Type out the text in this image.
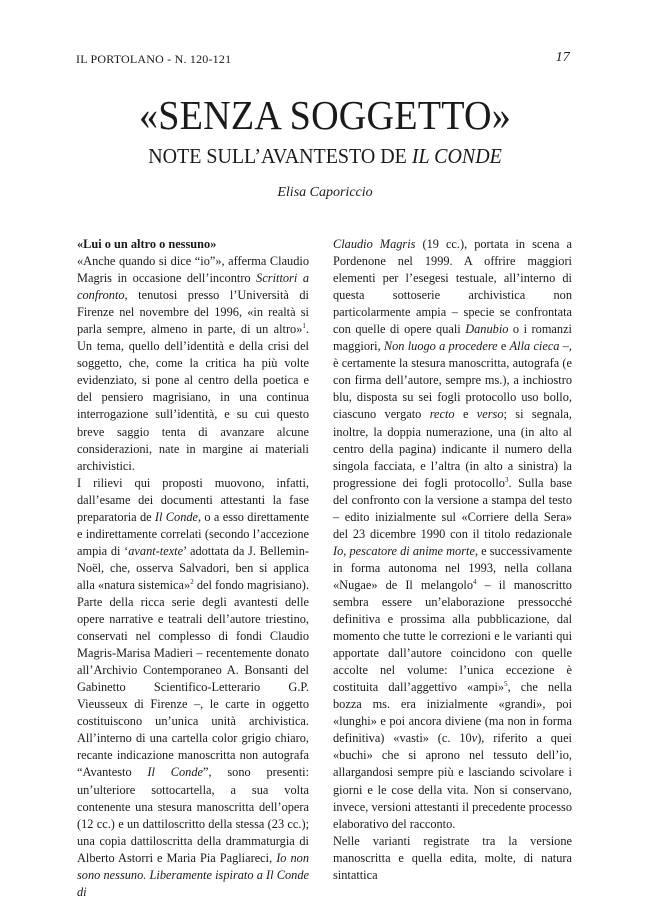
IL PORTOLANO - N. 120-121	17
«SENZA SOGGETTO»
NOTE SULL’AVANTESTO DE IL CONDE
Elisa Caporiccio

«Lui o un altro o nessuno»

«Anche quando si dice “io”», afferma Claudio Magris in occasione dell’incontro Scrittori a confronto, tenutosi presso l’Università di Firenze nel novembre del 1996, «in realtà si parla sempre, almeno in parte, di un altro»$^1$. Un tema, quello dell’identità e della crisi del soggetto, che, come la critica ha più volte evidenziato, si pone al centro della poetica e del pensiero magrisiano, in una continua interrogazione sull’identità, e su cui questo breve saggio tenta di avanzare alcune considerazioni, nate in margine ai materiali archivistici.

I rilievi qui proposti muovono, infatti, dall’esame dei documenti attestanti la fase preparatoria de Il Conde, o a esso direttamente e indirettamente correlati (secondo l’accezione ampia di ‘avant-texte’ adottata da J. Bellemin-Noël, che, osserva Salvadori, ben si applica alla «natura sistemica»$^2$ del fondo magrisiano). Parte della ricca serie degli avantesti delle opere narrative e teatrali dell’autore triestino, conservati nel complesso di fondi Claudio Magris-Marisa Madieri – recentemente donato all’Archivio Contemporaneo A. Bonsanti del Gabinetto Scientifico-Letterario G.P. Vieusseux di Firenze –, le carte in oggetto costituiscono un’unica unità archivistica. All’interno di una cartella color grigio chiaro, recante indicazione manoscritta non autografa “Avantesto Il Conde”, sono presenti: un’ulteriore sottocartella, a sua volta contenente una stesura manoscritta dell’opera (12 cc.) e un dattiloscritto della stessa (23 cc.); una copia dattiloscritta della drammaturgia di Alberto Astorri e Maria Pia Pagliareci, Io non sono nessuno. Liberamente ispirato a Il Conde di

Claudio Magris (19 cc.), portata in scena a Pordenone nel 1999. A offrire maggiori elementi per l’esegesi testuale, all’interno di questa sottoserie archivistica non particolarmente ampia – specie se confrontata con quelle di opere quali Danubio o i romanzi maggiori, Non luogo a procedere e Alla cieca –, è certamente la stesura manoscritta, autografa (e con firma dell’autore, sempre ms.), a inchiostro blu, disposta su sei fogli protocollo uso bollo, ciascuno vergato recto e verso; si segnala, inoltre, la doppia numerazione, una (in alto al centro della pagina) indicante il numero della singola facciata, e l’altra (in alto a sinistra) la progressione dei fogli protocollo$^3$. Sulla base del confronto con la versione a stampa del testo – edito inizialmente sul «Corriere della Sera» del 23 dicembre 1990 con il titolo redazionale Io, pescatore di anime morte, e successivamente in forma autonoma nel 1993, nella collana «Nugae» de Il melangolo$^4$ – il manoscritto sembra essere un’elaborazione pressocché definitiva e prossima alla pubblicazione, dal momento che tutte le correzioni e le varianti qui apportate dall’autore coincidono con quelle accolte nel volume: l’unica eccezione è costituita dall’aggettivo «ampi»$^5$, che nella bozza ms. era inizialmente «grandi», poi «lunghi» e poi ancora diviene (ma non in forma definitiva) «vasti» (c. 10v), riferito a quei «buchi» che si aprono nel tessuto dell’io, allargandosi sempre più e lasciando scivolare i giorni e le cose della vita. Non si conservano, invece, versioni attestanti il precedente processo elaborativo del racconto.

Nelle varianti registrate tra la versione manoscritta e quella edita, molte, di natura sintattica
